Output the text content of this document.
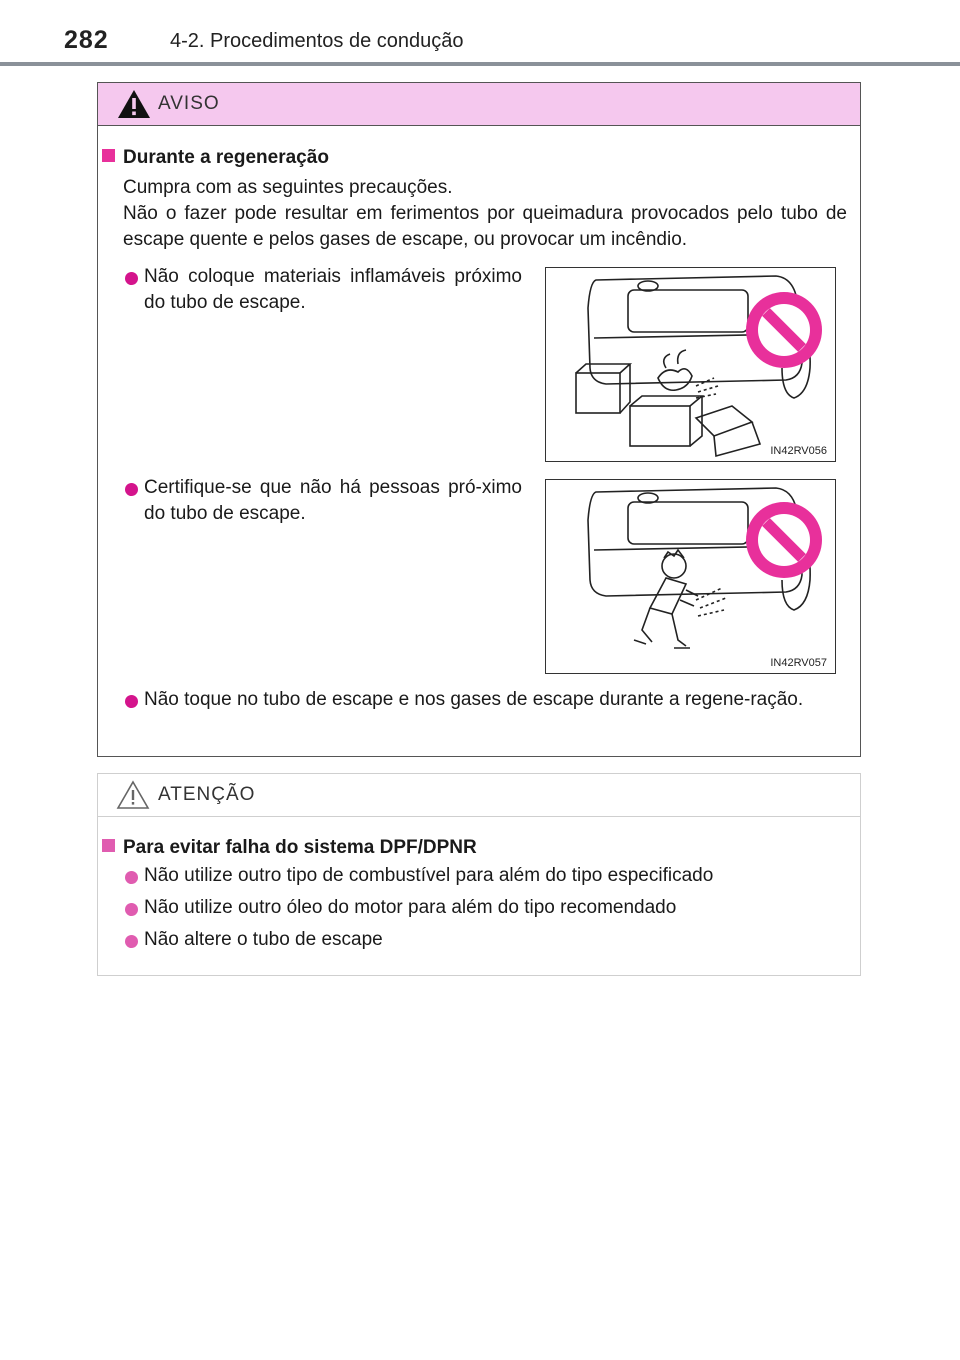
282	4-2. Procedimentos de condução
AVISO
Durante a regeneração
Cumpra com as seguintes precauções.
Não o fazer pode resultar em ferimentos por queimadura provocados pelo tubo de escape quente e pelos gases de escape, ou provocar um incêndio.
Não coloque materiais inflamáveis próximo do tubo de escape.
IN42RV056
Certifique-se que não há pessoas pró-ximo do tubo de escape.
IN42RV057
Não toque no tubo de escape e nos gases de escape durante a regene-ração.
ATENÇÃO
Para evitar falha do sistema DPF/DPNR
Não utilize outro tipo de combustível para além do tipo especificado
Não utilize outro óleo do motor para além do tipo recomendado
Não altere o tubo de escape
